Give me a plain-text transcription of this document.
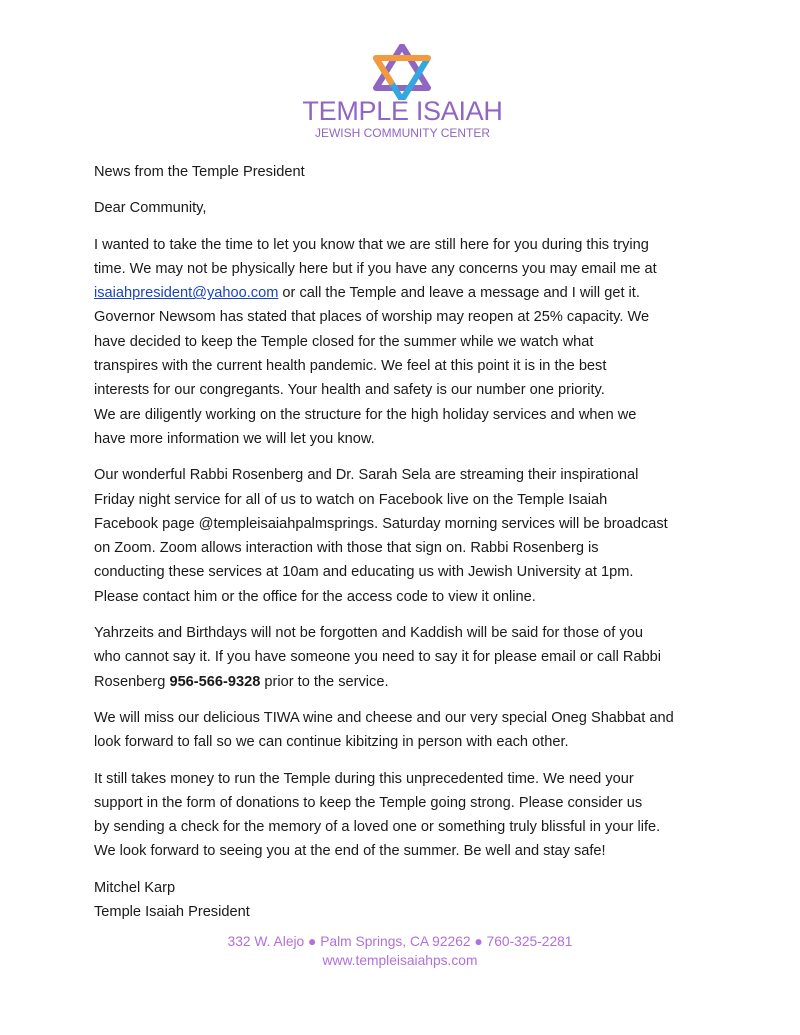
TEMPLE ISAIAH
JEWISH COMMUNITY CENTER

News from the Temple President

Dear Community,

I wanted to take the time to let you know that we are still here for you during this trying
time. We may not be physically here but if you have any concerns you may email me at
isaiahpresident@yahoo.com or call the Temple and leave a message and I will get it.
Governor Newsom has stated that places of worship may reopen at 25% capacity. We
have decided to keep the Temple closed for the summer while we watch what
transpires with the current health pandemic. We feel at this point it is in the best
interests for our congregants. Your health and safety is our number one priority.
We are diligently working on the structure for the high holiday services and when we
have more information we will let you know.

Our wonderful Rabbi Rosenberg and Dr. Sarah Sela are streaming their inspirational
Friday night service for all of us to watch on Facebook live on the Temple Isaiah
Facebook page @templeisaiahpalmsprings. Saturday morning services will be broadcast
on Zoom. Zoom allows interaction with those that sign on. Rabbi Rosenberg is
conducting these services at 10am and educating us with Jewish University at 1pm.
Please contact him or the office for the access code to view it online.

Yahrzeits and Birthdays will not be forgotten and Kaddish will be said for those of you
who cannot say it. If you have someone you need to say it for please email or call Rabbi
Rosenberg 956-566-9328 prior to the service.

We will miss our delicious TIWA wine and cheese and our very special Oneg Shabbat and
look forward to fall so we can continue kibitzing in person with each other.

It still takes money to run the Temple during this unprecedented time. We need your
support in the form of donations to keep the Temple going strong. Please consider us
by sending a check for the memory of a loved one or something truly blissful in your life.
We look forward to seeing you at the end of the summer. Be well and stay safe!

Mitchel Karp
Temple Isaiah President

332 W. Alejo ● Palm Springs, CA 92262 ● 760-325-2281
www.templeisaiahps.com
